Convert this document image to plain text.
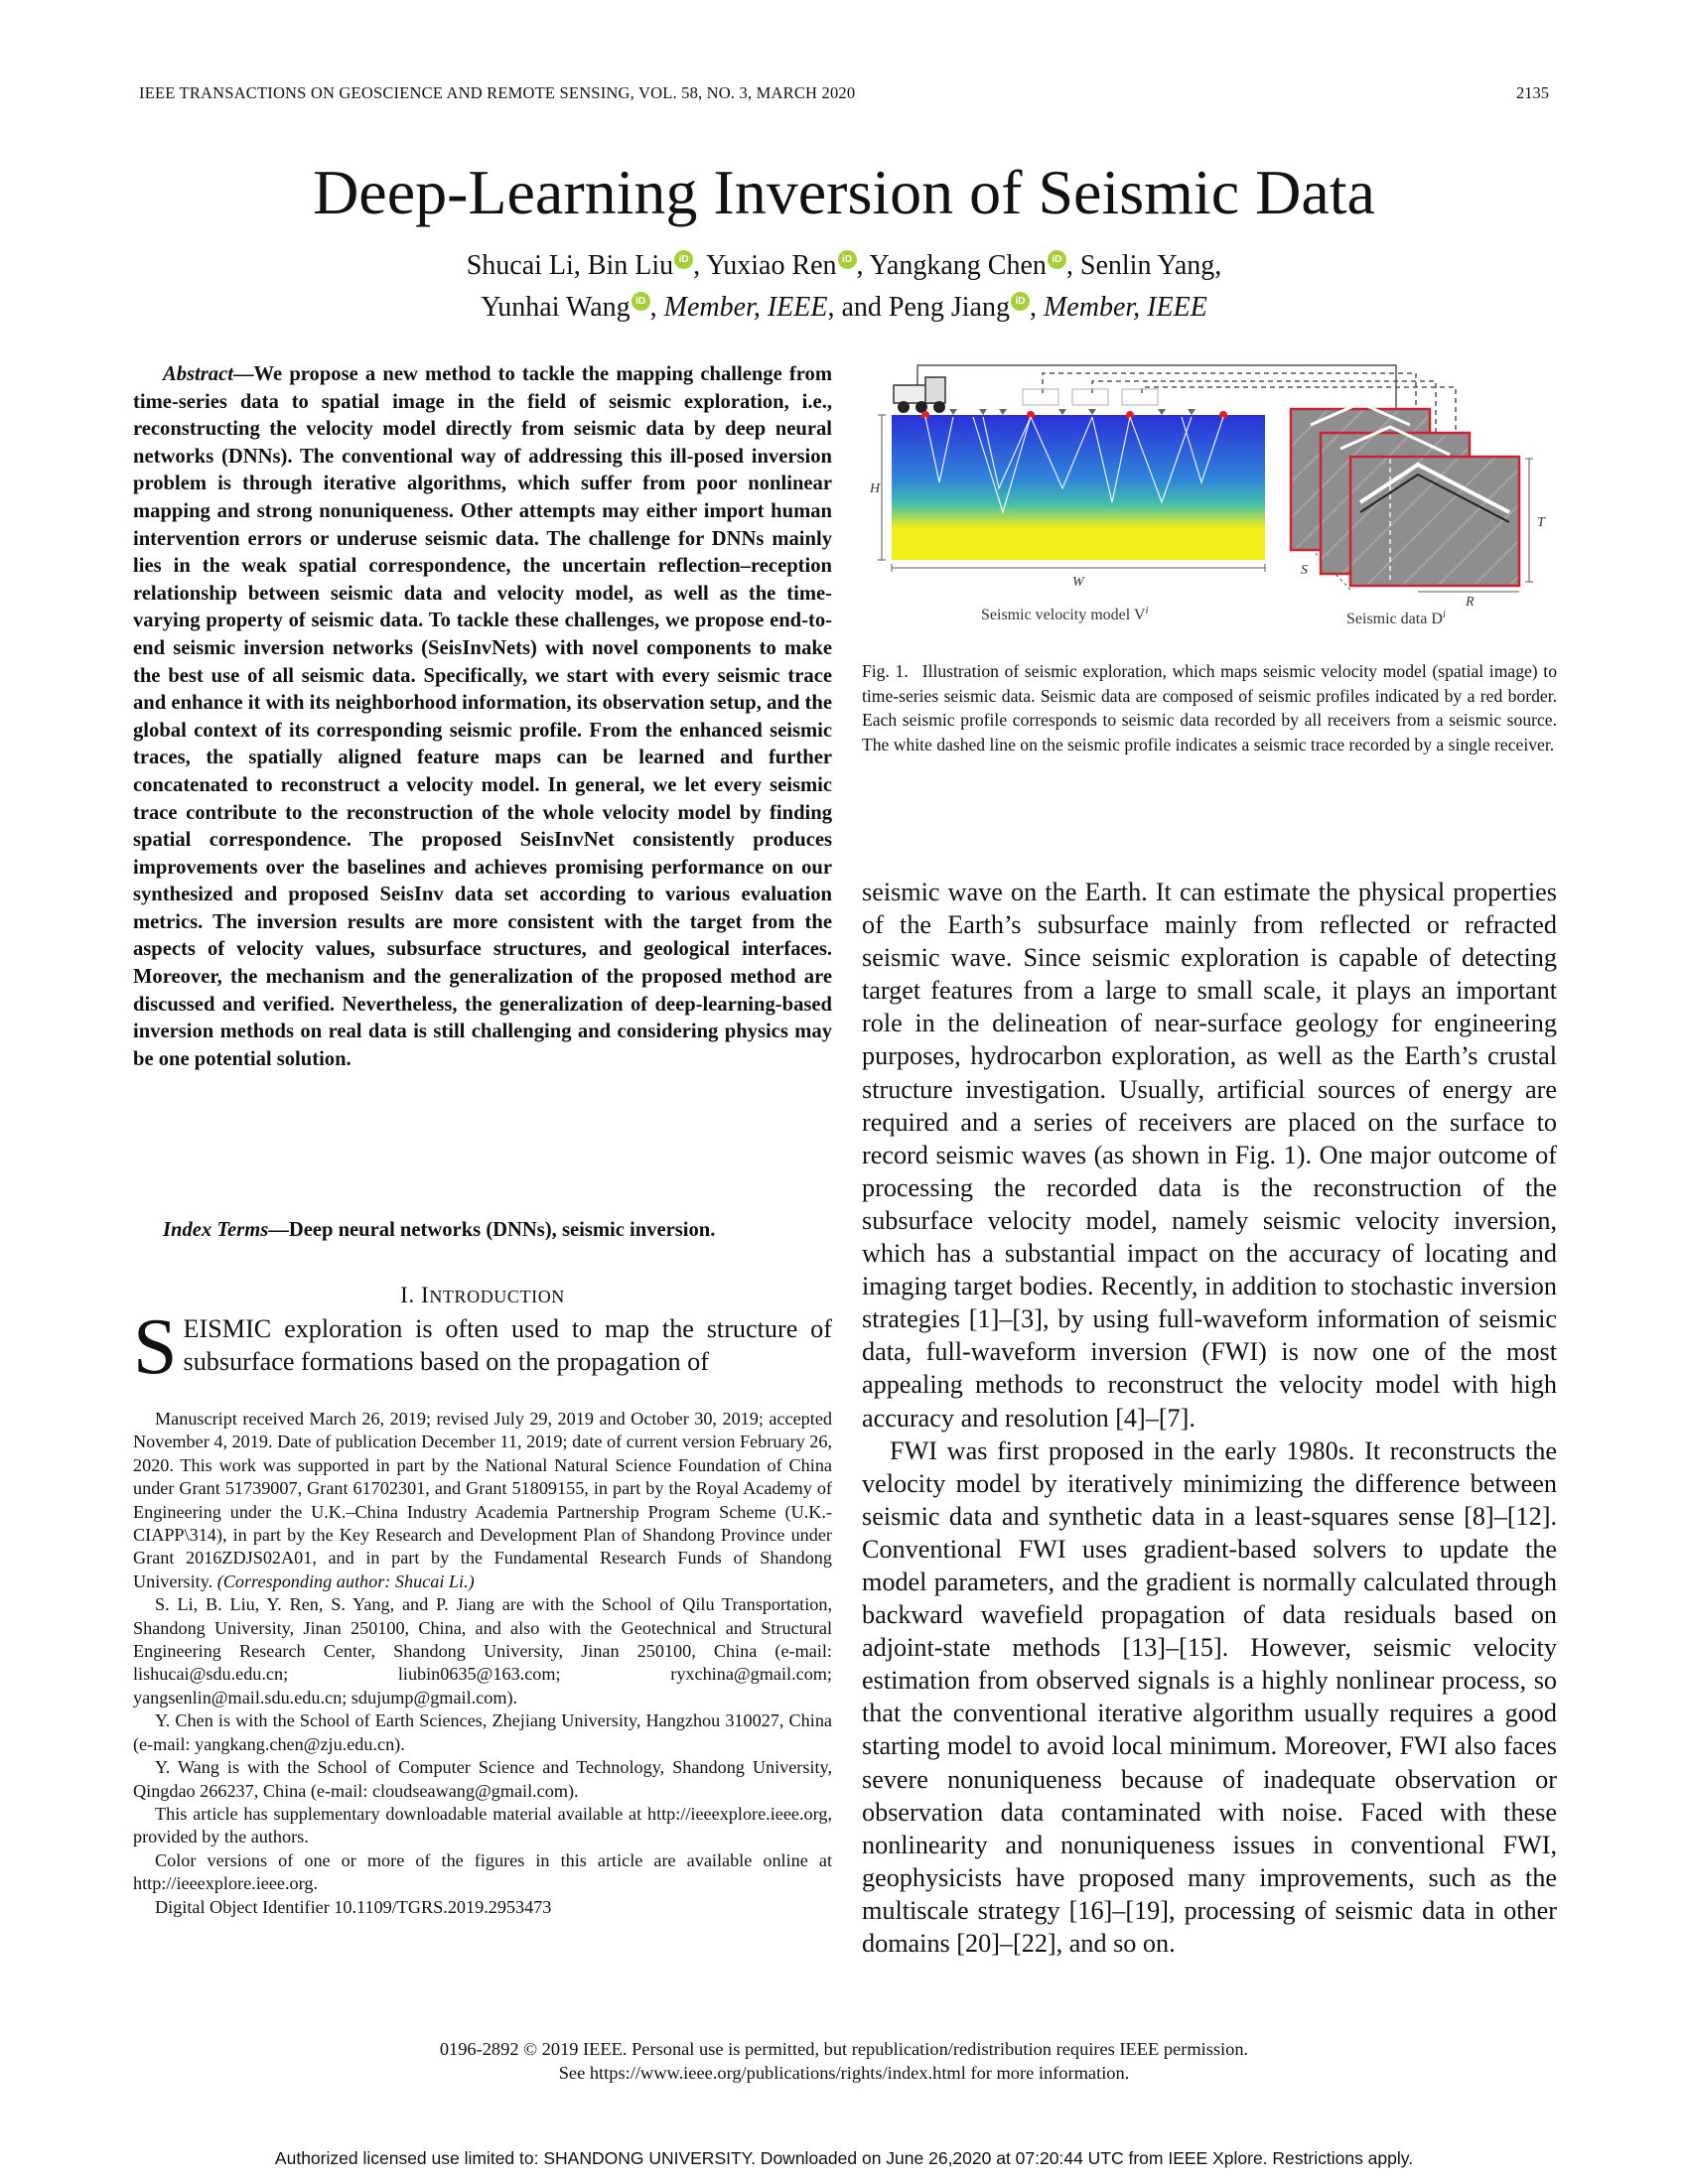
IEEE TRANSACTIONS ON GEOSCIENCE AND REMOTE SENSING, VOL. 58, NO. 3, MARCH 2020	2135
Deep-Learning Inversion of Seismic Data
Shucai Li, Bin Liu iD , Yuxiao Ren iD , Yangkang Chen iD , Senlin Yang,
Yunhai Wang iD , Member, IEEE, and Peng Jiang iD , Member, IEEE
Abstract—We propose a new method to tackle the mapping challenge from time-series data to spatial image in the field of seismic exploration, i.e., reconstructing the velocity model directly from seismic data by deep neural networks (DNNs). The conventional way of addressing this ill-posed inversion problem is through iterative algorithms, which suffer from poor nonlinear mapping and strong nonuniqueness. Other attempts may either import human intervention errors or underuse seismic data. The challenge for DNNs mainly lies in the weak spatial correspondence, the uncertain reflection–reception relationship between seismic data and velocity model, as well as the time-varying property of seismic data. To tackle these challenges, we propose end-to-end seismic inversion networks (SeisInvNets) with novel components to make the best use of all seismic data. Specifically, we start with every seismic trace and enhance it with its neighborhood information, its observation setup, and the global context of its corresponding seismic profile. From the enhanced seismic traces, the spatially aligned feature maps can be learned and further concatenated to reconstruct a velocity model. In general, we let every seismic trace contribute to the reconstruction of the whole velocity model by finding spatial correspondence. The proposed SeisInvNet consistently produces improvements over the baselines and achieves promising performance on our synthesized and proposed SeisInv data set according to various evaluation metrics. The inversion results are more consistent with the target from the aspects of velocity values, subsurface structures, and geological interfaces. Moreover, the mechanism and the generalization of the proposed method are discussed and verified. Nevertheless, the generalization of deep-learning-based inversion methods on real data is still challenging and considering physics may be one potential solution.
Index Terms—Deep neural networks (DNNs), seismic inversion.
I. INTRODUCTION
SEISMIC exploration is often used to map the structure of subsurface formations based on the propagation of

Manuscript received March 26, 2019; revised July 29, 2019 and October 30, 2019; accepted November 4, 2019. Date of publication December 11, 2019; date of current version February 26, 2020. This work was supported in part by the National Natural Science Foundation of China under Grant 51739007, Grant 61702301, and Grant 51809155, in part by the Royal Academy of Engineering under the U.K.–China Industry Academia Partnership Program Scheme (U.K.-CIAPP\314), in part by the Key Research and Development Plan of Shandong Province under Grant 2016ZDJS02A01, and in part by the Fundamental Research Funds of Shandong University. (Corresponding author: Shucai Li.)

S. Li, B. Liu, Y. Ren, S. Yang, and P. Jiang are with the School of Qilu Transportation, Shandong University, Jinan 250100, China, and also with the Geotechnical and Structural Engineering Research Center, Shandong University, Jinan 250100, China (e-mail: lishucai@sdu.edu.cn; liubin0635@163.com; ryxchina@gmail.com; yangsenlin@mail.sdu.edu.cn; sdujump@gmail.com).

Y. Chen is with the School of Earth Sciences, Zhejiang University, Hangzhou 310027, China (e-mail: yangkang.chen@zju.edu.cn).

Y. Wang is with the School of Computer Science and Technology, Shandong University, Qingdao 266237, China (e-mail: cloudseawang@gmail.com).

This article has supplementary downloadable material available at http://ieeexplore.ieee.org, provided by the authors.

Color versions of one or more of the figures in this article are available online at http://ieeexplore.ieee.org.

Digital Object Identifier 10.1109/TGRS.2019.2953473

H
W
T
S
R
Seismic velocity model $V^i$	Seismic data $D^i$
Fig. 1. Illustration of seismic exploration, which maps seismic velocity model (spatial image) to time-series seismic data. Seismic data are composed of seismic profiles indicated by a red border. Each seismic profile corresponds to seismic data recorded by all receivers from a seismic source. The white dashed line on the seismic profile indicates a seismic trace recorded by a single receiver.

seismic wave on the Earth. It can estimate the physical properties of the Earth’s subsurface mainly from reflected or refracted seismic wave. Since seismic exploration is capable of detecting target features from a large to small scale, it plays an important role in the delineation of near-surface geology for engineering purposes, hydrocarbon exploration, as well as the Earth’s crustal structure investigation. Usually, artificial sources of energy are required and a series of receivers are placed on the surface to record seismic waves (as shown in Fig. 1). One major outcome of processing the recorded data is the reconstruction of the subsurface velocity model, namely seismic velocity inversion, which has a substantial impact on the accuracy of locating and imaging target bodies. Recently, in addition to stochastic inversion strategies [1]–[3], by using full-waveform information of seismic data, full-waveform inversion (FWI) is now one of the most appealing methods to reconstruct the velocity model with high accuracy and resolution [4]–[7].

FWI was first proposed in the early 1980s. It reconstructs the velocity model by iteratively minimizing the difference between seismic data and synthetic data in a least-squares sense [8]–[12]. Conventional FWI uses gradient-based solvers to update the model parameters, and the gradient is normally calculated through backward wavefield propagation of data residuals based on adjoint-state methods [13]–[15]. However, seismic velocity estimation from observed signals is a highly nonlinear process, so that the conventional iterative algorithm usually requires a good starting model to avoid local minimum. Moreover, FWI also faces severe nonuniqueness because of inadequate observation or observation data contaminated with noise. Faced with these nonlinearity and nonuniqueness issues in conventional FWI, geophysicists have proposed many improvements, such as the multiscale strategy [16]–[19], processing of seismic data in other domains [20]–[22], and so on.

0196-2892 © 2019 IEEE. Personal use is permitted, but republication/redistribution requires IEEE permission.
See https://www.ieee.org/publications/rights/index.html for more information.
Authorized licensed use limited to: SHANDONG UNIVERSITY. Downloaded on June 26,2020 at 07:20:44 UTC from IEEE Xplore. Restrictions apply.
